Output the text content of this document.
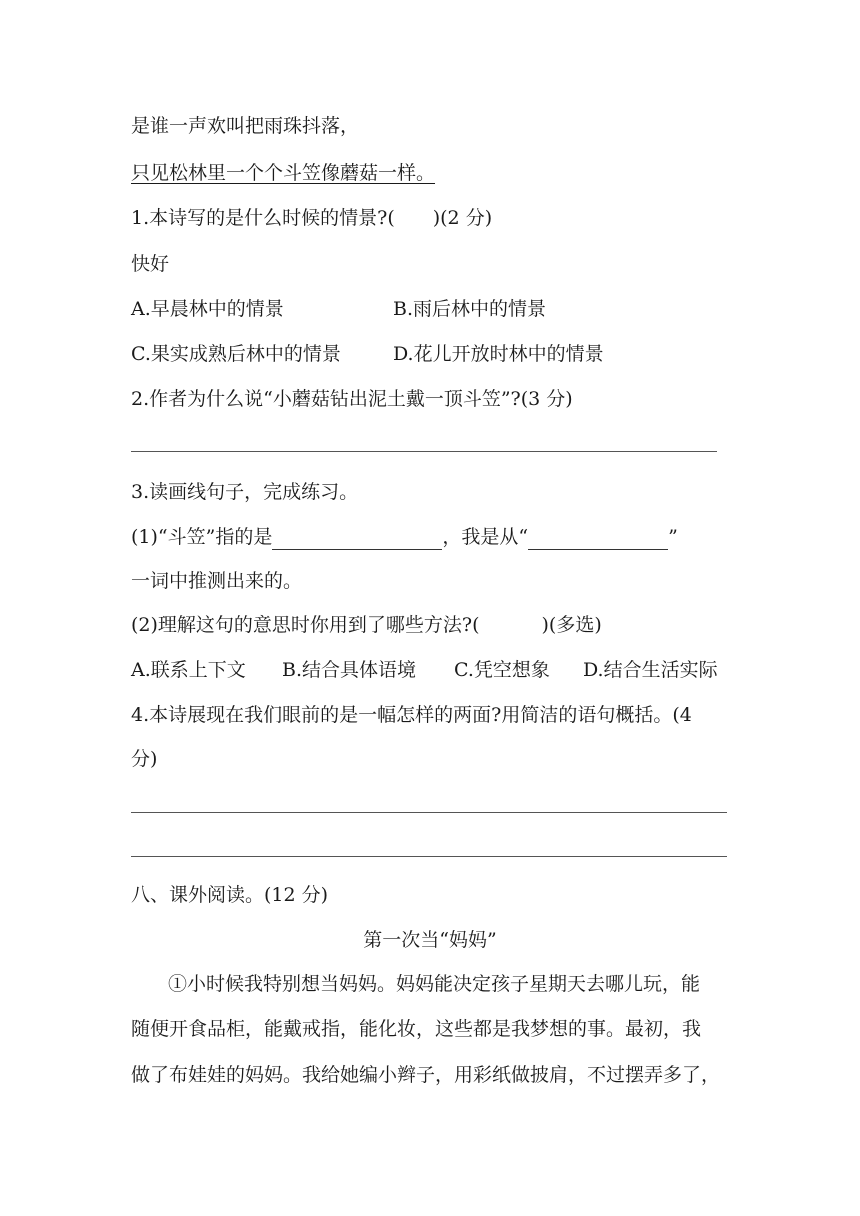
是谁一声欢叫把雨珠抖落，
只见松林里一个个斗笠像蘑菇一样。
1.本诗写的是什么时候的情景?( )(2 分)
快好
A.早晨林中的情景	B.雨后林中的情景
C.果实成熟后林中的情景	D.花儿开放时林中的情景
2.作者为什么说“小蘑菇钻出泥土戴一顶斗笠”?(3 分)
3.读画线句子，完成练习。
(1)“斗笠”指的是	，我是从“	”
一词中推测出来的。
(2)理解这句的意思时你用到了哪些方法?(	)(多选)
A.联系上下文 B.结合具体语境 C.凭空想象 D.结合生活实际
4.本诗展现在我们眼前的是一幅怎样的两面?用简洁的语句概括。(4
分)
八、课外阅读。(12 分)
第一次当“妈妈”
①小时候我特别想当妈妈。妈妈能决定孩子星期天去哪儿玩，能
随便开食品柜，能戴戒指，能化妆，这些都是我梦想的事。最初，我
做了布娃娃的妈妈。我给她编小辫子，用彩纸做披肩，不过摆弄多了，
